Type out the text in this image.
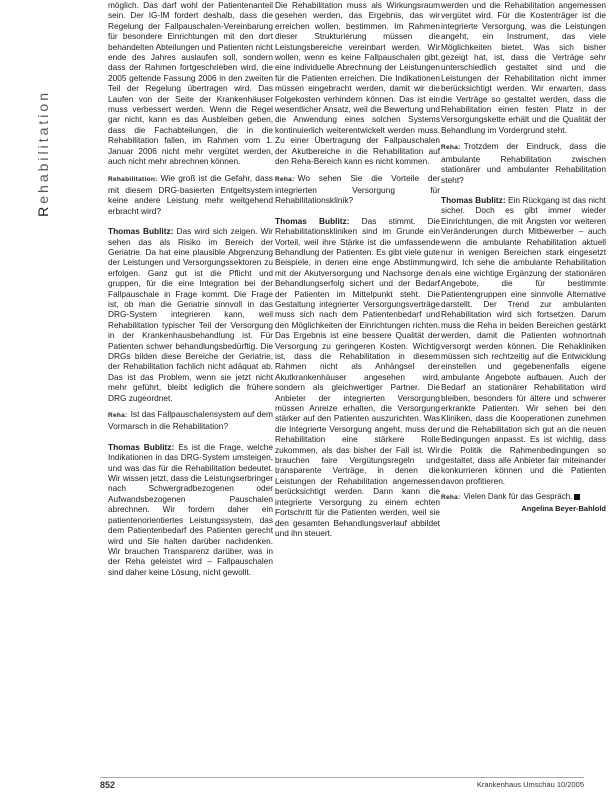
Rehabilitation

möglich. Das darf wohl der Patientenanteil sein. Der IG-IM fordert deshalb, dass die Regelung der Fallpauschalen-Vereinbarung für besondere Einrichtungen mit den dort behandelten Abteilungen und Patienten nicht ende des Jahres auslaufen soll, sondern dass der Rahmen fortgeschrieben wird, die 2005 geltende Fassung 2006 in den zweiten Teil der Regelung übertragen wird. Das Laufen von der Seite der Krankenhäuser muss verbessert werden. Wenn die Regel gar nicht, kann es das Ausbleiben geben, dass die Fachabteilungen, die in die Rehabilitation fallen, im Rahmen vom 1. Januar 2006 nicht mehr vergütet werden, auch nicht mehr abrechnen können.

Rehabilitation: Wie groß ist die Gefahr, dass mit diesem DRG-basierten Entgeltsystem keine andere Leistung mehr weitgehend erbracht wird?

Thomas Bublitz: Das wird sich zeigen. Wir sehen das als Risiko im Bereich der Geriatrie. Da hat eine plausible Abgrenzung der Leistungen und Versorgungssektoren zu erfolgen. Ganz gut ist die Pflicht und gruppen, für die eine Integration bei der Fallpauschale in Frage kommt. Die Frage ist, ob man die Geriatrie sinnvoll in das DRG-System integrieren kann, weil Rehabilitation typischer Teil der Versorgung in der Krankenhausbehandlung ist. Für Patienten schwer behandlungsbedürftig. Die DRGs bilden diese Bereiche der Geriatrie, der Rehabilitation fachlich nicht adäquat ab. Das ist das Problem, wenn sie jetzt nicht mehr geführt, bleibt lediglich die frühere DRG zugeordnet.

Reha: Ist das Fallpauschalensystem auf dem Vormarsch in die Rehabilitation?

Thomas Bublitz: Es ist die Frage, welche Indikationen in das DRG-System umsteigen, und was das für die Rehabilitation bedeutet. Wir wissen jetzt, dass die Leistungserbringer nach Schwergradbezogenen oder Aufwandsbezogenen Pauschalen abrechnen. Wir fordern daher ein patientenorientiertes Leistungssystem, das dem Patientenbedarf des Patienten gerecht wird und Sie halten darüber nachdenken. Wir brauchen Transparenz darüber, was in der Reha geleistet wird – Fallpauschalen sind daher keine Lösung, nicht gewollt.

Die Rehabilitation muss als Wirkungsraum gesehen werden, das Ergebnis, das wir erreichen wollen, bestimmen. Im Rahmen dieser Strukturierung müssen die Leistungsbereiche vereinbart werden. Wir wollen, wenn es keine Fallpauschalen gibt, eine individuelle Abrechnung der Leistungen für die Patienten erreichen. Die Indikationen müssen eingebracht werden, damit wir die Folgekosten verhindern können. Das ist ein wesentlicher Ansatz, weil die Bewertung und die Anwendung eines solchen Systems kontinuierlich weiterentwickelt werden muss. Zu einer Übertragung der Fallpauschalen der Akutbereiche in die Rehabilitation auf den Reha-Bereich kann es nicht kommen.

Reha: Wo sehen Sie die Vorteile der integrierten Versorgung für Rehabilitationsklinik?

Thomas Bublitz: Das stimmt. Die Rehabilitationskliniken sind im Grunde ein Vorteil, weil ihre Stärke ist die umfassende Behandlung der Patienten. Es gibt viele gute Beispiele, in denen eine enge Abstimmung mit der Akutversorgung und Nachsorge den Behandlungserfolg sichert und der Bedarf der Patienten im Mittelpunkt steht. Die Gestaltung integrierter Versorgungsverträge muss sich nach dem Patientenbedarf und den Möglichkeiten der Einrichtungen richten. Das Ergebnis ist eine bessere Qualität der Versorgung zu geringeren Kosten. Wichtig ist, dass die Rehabilitation in diesem Rahmen nicht als Anhängsel der Akutkrankenhäuser angesehen wird, sondern als gleichwertiger Partner. Die Anbieter der integrierten Versorgung müssen Anreize erhalten, die Versorgung stärker auf den Patienten auszurichten. Was die Integrierte Versorgung angeht, muss der Rehabilitation eine stärkere Rolle zukommen, als das bisher der Fall ist. Wir brauchen faire Vergütungsregeln und transparente Verträge, in denen die Leistungen der Rehabilitation angemessen berücksichtigt werden. Dann kann die integrierte Versorgung zu einem echten Fortschritt für die Patienten werden, weil sie den gesamten Behandlungsverlauf abbildet und ihn steuert.

werden und die Rehabilitation angemessen vergütet wird. Für die Kostenträger ist die integrierte Versorgung, was die Leistungen angeht, ein Instrument, das viele Möglichkeiten bietet. Was sich bisher gezeigt hat, ist, dass die Verträge sehr unterschiedlich gestaltet sind und die Leistungen der Rehabilitation nicht immer berücksichtigt werden. Wir erwarten, dass die Verträge so gestaltet werden, dass die Rehabilitation einen festen Platz in der Versorgungskette erhält und die Qualität der Behandlung im Vordergrund steht.

Reha: Trotzdem der Eindruck, dass die ambulante Rehabilitation zwischen stationärer und ambulanter Rehabilitation steht?

Thomas Bublitz: Ein Rückgang ist das nicht sicher. Doch es gibt immer wieder Einrichtungen, die mit Ängsten vor weiteren Veränderungen durch Mitbewerber – auch wenn die ambulante Rehabilitation aktuell nur in wenigen Bereichen stark eingesetzt wird. Ich sehe die ambulante Rehabilitation als eine wichtige Ergänzung der stationären Angebote, die für bestimmte Patientengruppen eine sinnvolle Alternative darstellt. Der Trend zur ambulanten Rehabilitation wird sich fortsetzen. Darum muss die Reha in beiden Bereichen gestärkt werden, damit die Patienten wohnortnah versorgt werden können. Die Rehakliniken müssen sich rechtzeitig auf die Entwicklung einstellen und gegebenenfalls eigene ambulante Angebote aufbauen. Auch der Bedarf an stationärer Rehabilitation wird bleiben, besonders für ältere und schwerer erkrankte Patienten. Wir sehen bei den Kliniken, dass die Kooperationen zunehmen und die Rehabilitation sich gut an die neuen Bedingungen anpasst. Es ist wichtig, dass die Politik die Rahmenbedingungen so gestaltet, dass alle Anbieter fair miteinander konkurrieren können und die Patienten davon profitieren.

Reha: Vielen Dank für das Gespräch.
Angelina Beyer-Bahlold

852	Krankenhaus Umschau 10/2005
